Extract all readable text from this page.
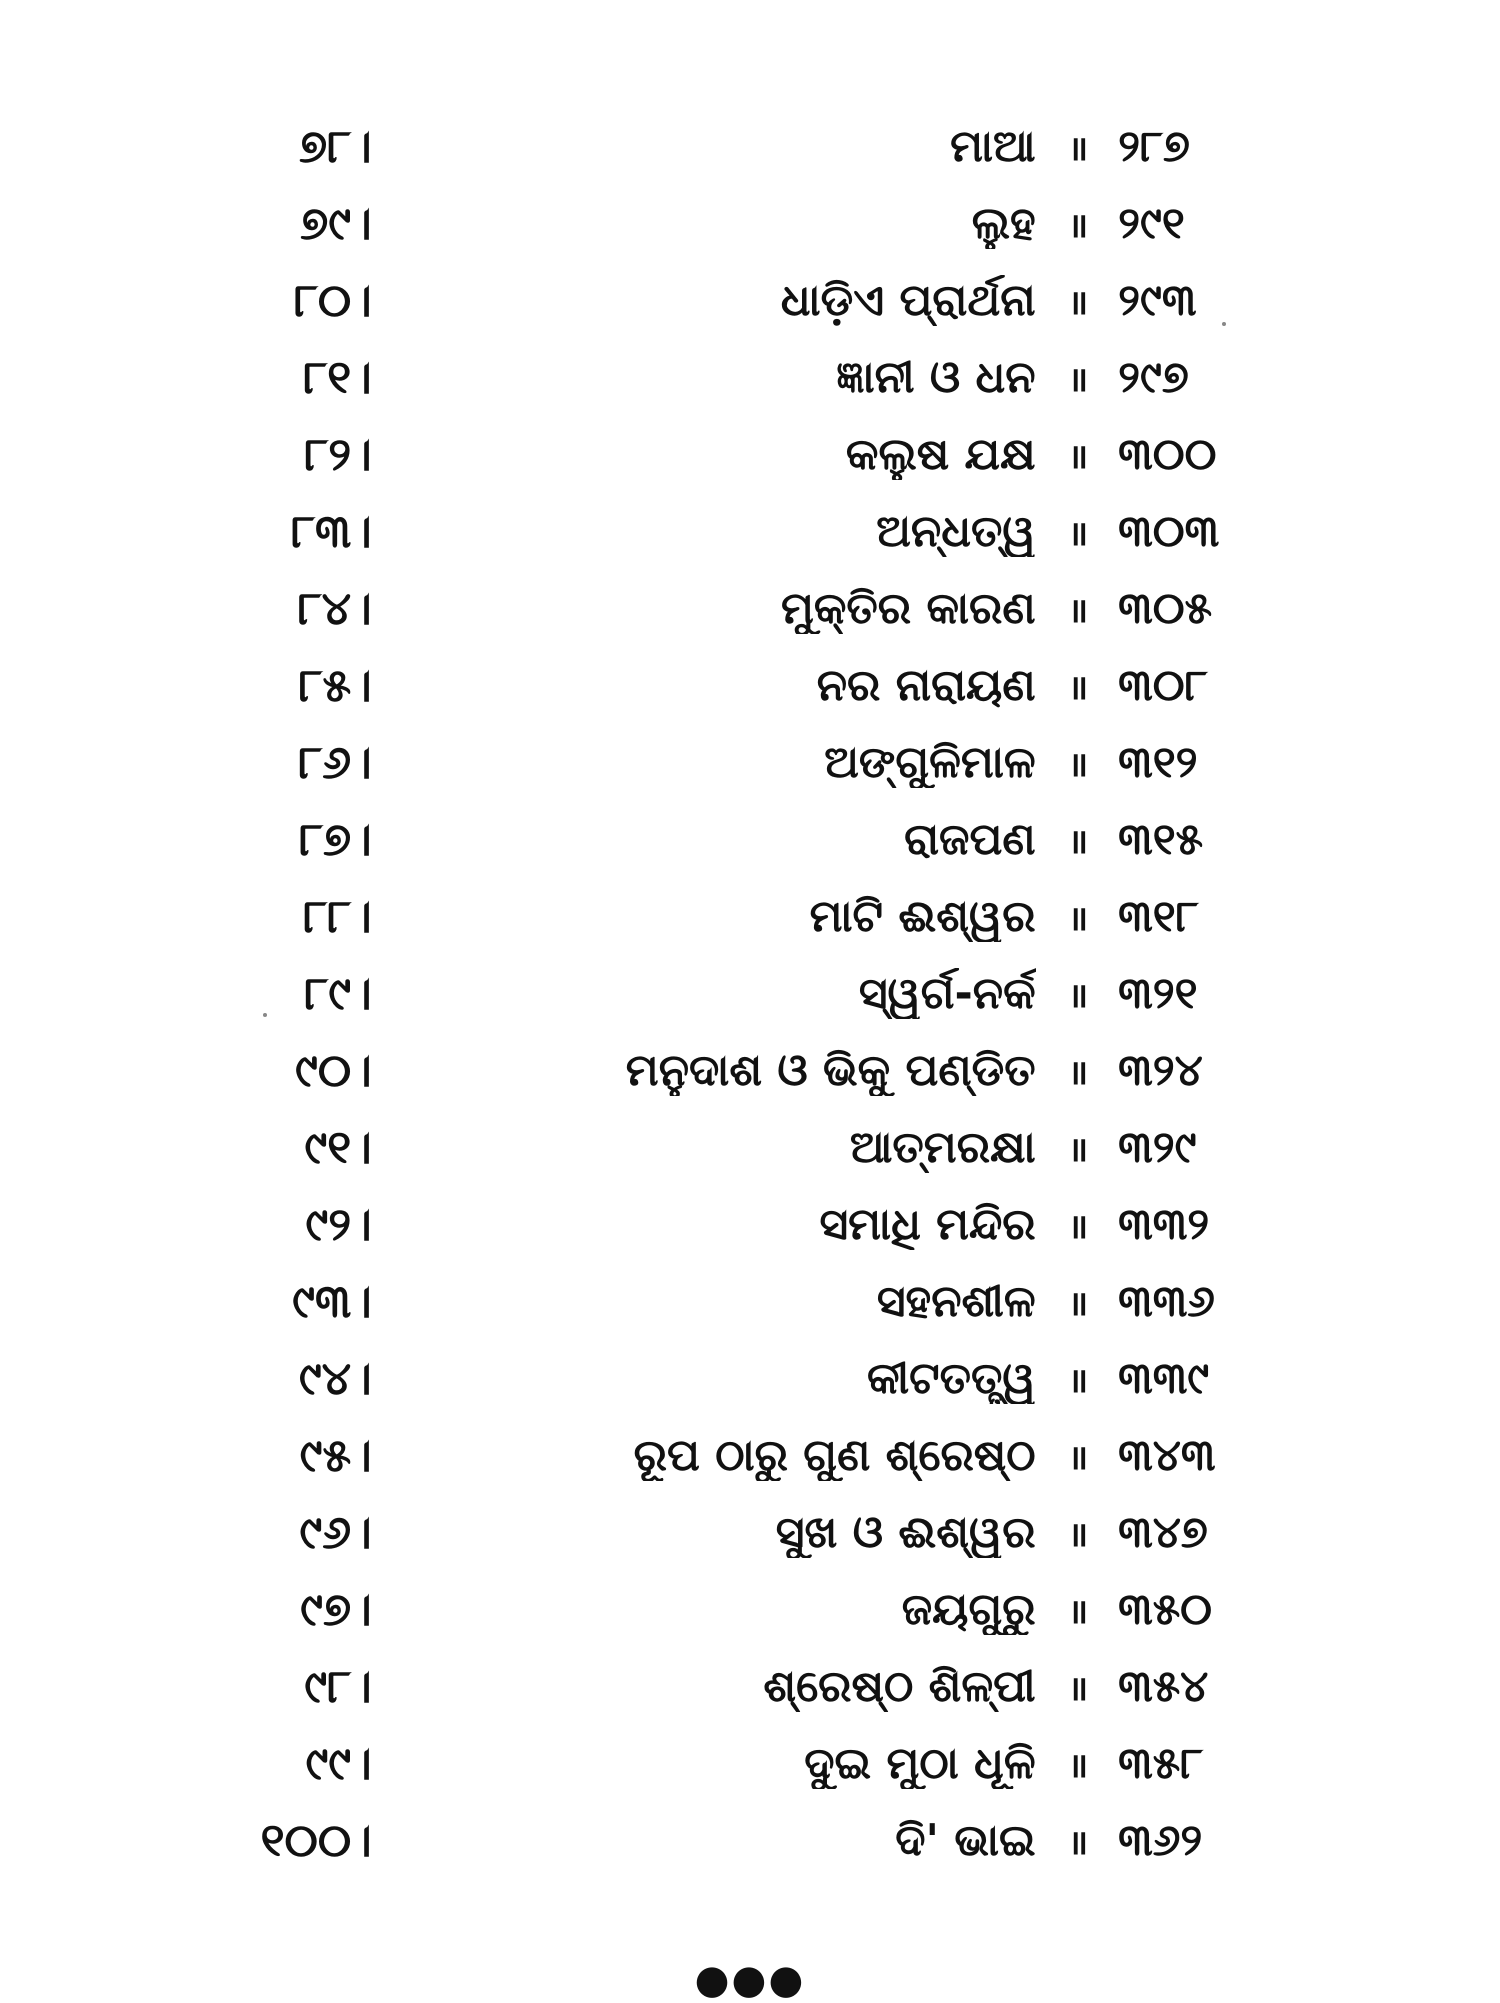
୭୮।	ମାଆ ॥ ୨୮୭
୭୯।	ଲୁହ ॥ ୨୯୧
୮୦।	ଧାଡ଼ିଏ ପ୍ରାର୍ଥନା ॥ ୨୯୩
୮୧।	ଜ୍ଞାନୀ ଓ ଧନ ॥ ୨୯୭
୮୨।	କଲୁଷ ଯକ୍ଷ ॥ ୩୦୦
୮୩।	ଅନ୍ଧତ୍ୱ ॥ ୩୦୩
୮୪।	ମୁକ୍ତିର କାରଣ ॥ ୩୦୫
୮୫।	ନର ନାରାୟଣ ॥ ୩୦୮
୮୬।	ଅଙ୍ଗୁଳିମାଳ ॥ ୩୧୨
୮୭।	ରାଜପଣ ॥ ୩୧୫
୮୮।	ମାଟି ଈଶ୍ୱର ॥ ୩୧୮
୮୯।	ସ୍ୱର୍ଗ-ନର୍କ ॥ ୩୨୧
୯୦।	ମନୁଦାଶ ଓ ଭିକୁ ପଣ୍ଡିତ ॥ ୩୨୪
୯୧।	ଆତ୍ମରକ୍ଷା ॥ ୩୨୯
୯୨।	ସମାଧି ମନ୍ଦିର ॥ ୩୩୨
୯୩।	ସହନଶୀଳ ॥ ୩୩୬
୯୪।	କୀଟତତ୍ତ୍ୱ ॥ ୩୩୯
୯୫।	ରୂପ ଠାରୁ ଗୁଣ ଶ୍ରେଷ୍ଠ ॥ ୩୪୩
୯୬।	ସୁଖ ଓ ଈଶ୍ୱର ॥ ୩୪୭
୯୭।	ଜୟଗୁରୁ ॥ ୩୫୦
୯୮।	ଶ୍ରେଷ୍ଠ ଶିଳ୍ପୀ ॥ ୩୫୪
୯୯।	ଦୁଇ ମୁଠା ଧୂଳି ॥ ୩୫୮
୧୦୦।	ଦି' ଭାଇ ॥ ୩୬୨
●●●
